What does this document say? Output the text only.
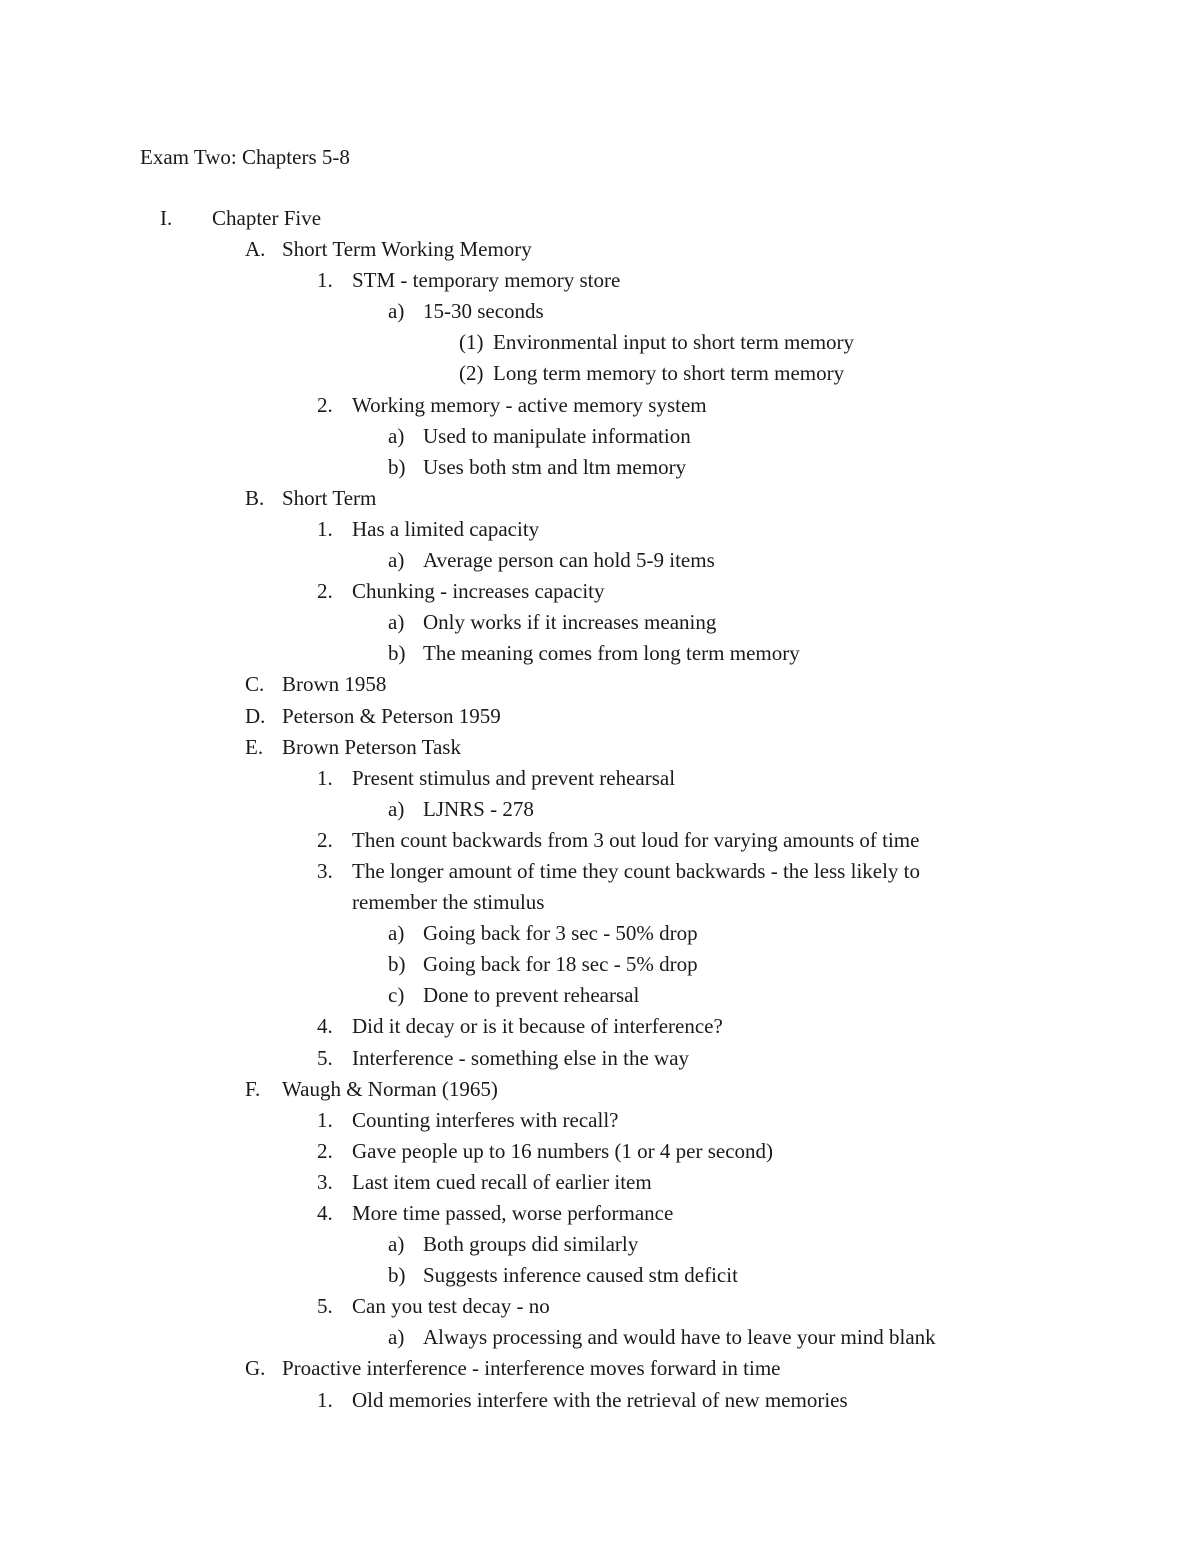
Exam Two: Chapters 5-8
I. Chapter Five
A. Short Term Working Memory
1. STM - temporary memory store
a) 15-30 seconds
(1) Environmental input to short term memory
(2) Long term memory to short term memory
2. Working memory - active memory system
a) Used to manipulate information
b) Uses both stm and ltm memory
B. Short Term
1. Has a limited capacity
a) Average person can hold 5-9 items
2. Chunking - increases capacity
a) Only works if it increases meaning
b) The meaning comes from long term memory
C. Brown 1958
D. Peterson & Peterson 1959
E. Brown Peterson Task
1. Present stimulus and prevent rehearsal
a) LJNRS - 278
2. Then count backwards from 3 out loud for varying amounts of time
3. The longer amount of time they count backwards - the less likely to remember the stimulus
a) Going back for 3 sec - 50% drop
b) Going back for 18 sec - 5% drop
c) Done to prevent rehearsal
4. Did it decay or is it because of interference?
5. Interference - something else in the way
F. Waugh & Norman (1965)
1. Counting interferes with recall?
2. Gave people up to 16 numbers (1 or 4 per second)
3. Last item cued recall of earlier item
4. More time passed, worse performance
a) Both groups did similarly
b) Suggests inference caused stm deficit
5. Can you test decay - no
a) Always processing and would have to leave your mind blank
G. Proactive interference - interference moves forward in time
1. Old memories interfere with the retrieval of new memories
